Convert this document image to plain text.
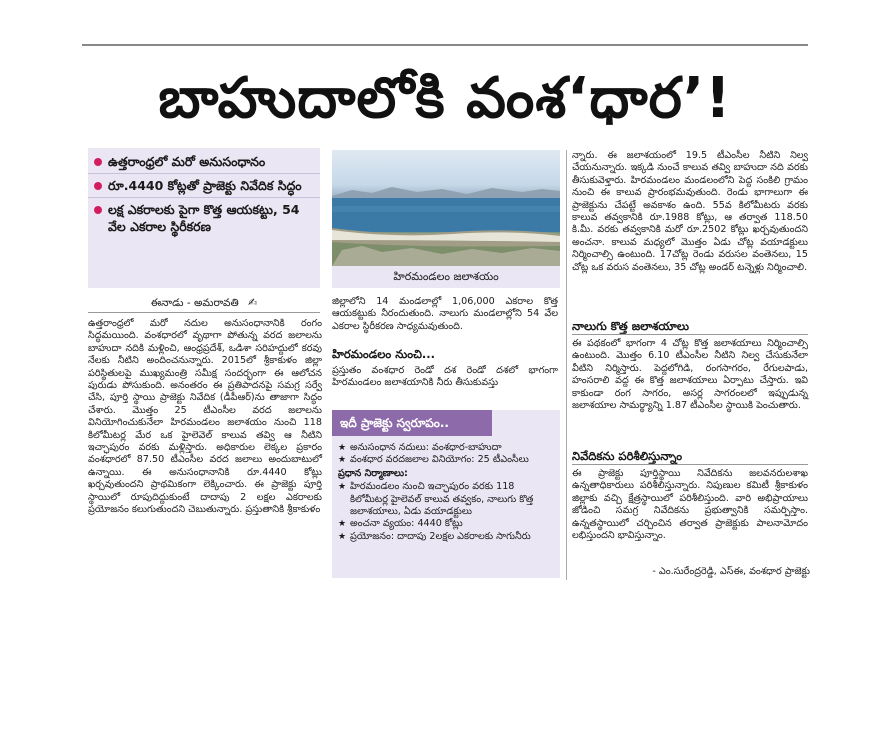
బాహుదాలోకి వంశ‘ధార’!
ఉత్తరాంధ్రలో మరో అనుసంధానం
రూ.4440 కోట్లతో ప్రాజెక్టు నివేదిక సిద్ధం
లక్ష ఎకరాలకు పైగా కొత్త ఆయకట్టు, 54 వేల ఎకరాల స్థిరీకరణ
హిరమండలం జలాశయం
ఈనాడు - అమరావతి ✍
ఉత్తరాంధ్రలో మరో నదుల అనుసంధానానికి రంగం సిద్ధమయింది. వంశధారలో వృథాగా పోతున్న వరద జలాలను బాహుదా నదికి మళ్లించి, ఆంధ్రప్రదేశ్, ఒడిశా సరిహద్దులో కరవు నేలకు నీటిని అందించనున్నారు. 2015లో శ్రీకాకుళం జిల్లా పరిస్థితులపై ముఖ్యమంత్రి సమీక్ష సందర్భంగా ఈ ఆలోచన పురుడు పోసుకుంది. అనంతరం ఈ ప్రతిపాదనపై సమగ్ర సర్వే చేసి, పూర్తి స్థాయి ప్రాజెక్టు నివేదిక (డీపీఆర్‌)ను తాజాగా సిద్ధం చేశారు. మొత్తం 25 టీఎంసీల వరద జలాలను వినియోగించుకునేలా హిరమండలం జలాశయం నుంచి 118 కిలోమీటర్ల మేర ఒక హైలెవెల్‌ కాలువ తవ్వి ఆ నీటిని ఇచ్ఛాపురం వరకు మళ్లిస్తారు. అధికారుల లెక్కల ప్రకారం వంశధారలో 87.50 టీఎంసీల వరద జలాలు అందుబాటులో ఉన్నాయి. ఈ అనుసంధానానికి రూ.4440 కోట్లు ఖర్చవుతుందని ప్రాథమికంగా లెక్కించారు. ఈ ప్రాజెక్టు పూర్తి స్థాయిలో రూపుదిద్దుకుంటే దాదాపు 2 లక్షల ఎకరాలకు ప్రయోజనం కలుగుతుందని చెబుతున్నారు. ప్రస్తుతానికి శ్రీకాకుళం
జిల్లాలోని 14 మండలాల్లో 1,06,000 ఎకరాల కొత్త ఆయకట్టుకు నీరందుతుంది. నాలుగు మండలాల్లోని 54 వేల ఎకరాల స్థిరీకరణ సాధ్యమవుతుంది.
హిరమండలం నుంచి...
ప్రస్తుతం వంశధార రెండో దశ రెండో దశలో భాగంగా హిరమండలం జలాశయానికి నీరు తీసుకువస్తు
ఇదీ ప్రాజెక్టు స్వరూపం..
★ అనుసంధాన నదులు: వంశధార-బాహుదా
★ వంశధార వరదజలాల వినియోగం: 25 టీఎంసీలు
ప్రధాన నిర్మాణాలు:
★ హిరమండలం నుంచి ఇచ్ఛాపురం వరకు 118 కిలోమీటర్ల హైలెవల్‌ కాలువ తవ్వకం, నాలుగు కొత్త జలాశయాలు, ఏడు వయాడక్టులు
★ అంచనా వ్యయం: 4440 కోట్లు
★ ప్రయోజనం: దాదాపు 2లక్షల ఎకరాలకు సాగునీరు
న్నారు. ఈ జలాశయంలో 19.5 టీఎంసీల నీటిని నిల్వ చేయనున్నారు. ఇక్కడి నుంచే కాలువ తవ్వి బాహుదా నది వరకు తీసుకువెళ్తారు. హిరమండలం మండలంలోని పెద్ద సంకిలి గ్రామం నుంచి ఈ కాలువ ప్రారంభమవుతుంది. రెండు భాగాలుగా ఈ ప్రాజెక్టును చేపట్టే అవకాశం ఉంది. 55వ కిలోమీటరు వరకు కాలువ తవ్వకానికి రూ.1988 కోట్లు, ఆ తర్వాత 118.50 కి.మీ. వరకు తవ్వకానికి మరో రూ.2502 కోట్లు ఖర్చవుతుందని అంచనా. కాలువ మధ్యలో మొత్తం ఏడు చోట్ల వయాడక్టులు నిర్మించాల్సి ఉంటుంది. 17చోట్ల రెండు వరుసల వంతెనలు, 15 చోట్ల ఒక వరుస వంతెనలు, 35 చోట్ల అండర్‌ టన్నెళ్లు నిర్మించాలి.
నాలుగు కొత్త జలాశయాలు
ఈ పథకంలో భాగంగా 4 చోట్ల కొత్త జలాశయాలు నిర్మించాల్సి ఉంటుంది. మొత్తం 6.10 టీఎంసీల నీటిని నిల్వ చేసుకునేలా వీటిని నిర్మిస్తారు. పెద్దలోగిడి, రంగసాగరం, రేగులపాడు, హంసరాలి వద్ద ఈ కొత్త జలాశయాలు ఏర్పాటు చేస్తారు. ఇవి కాకుండా రంగ సాగరం, అసర్ల సాగరంలలో ఇప్పుడున్న జలాశయాల సామర్థ్యాన్ని 1.87 టీఎంసీల స్థాయికి పెంచుతారు.
నివేదికను పరిశీలిస్తున్నాం
ఈ ప్రాజెక్టు పూర్తిస్థాయి నివేదికను జలవనరులశాఖ ఉన్నతాధికారులు పరిశీలిస్తున్నారు. నిపుణుల కమిటీ శ్రీకాకుళం జిల్లాకు వచ్చి క్షేత్రస్థాయిలో పరిశీలిస్తుంది. వారి అభిప్రాయాలు జోడించి సమగ్ర నివేదికను ప్రభుత్వానికి సమర్పిస్తాం. ఉన్నతస్థాయిలో చర్చించిన తర్వాత ప్రాజెక్టుకు పాలనామోదం లభిస్తుందని భావిస్తున్నాం.
- ఎం.సురేంద్రరెడ్డి, ఎస్‌ఈ, వంశధార ప్రాజెక్టు
